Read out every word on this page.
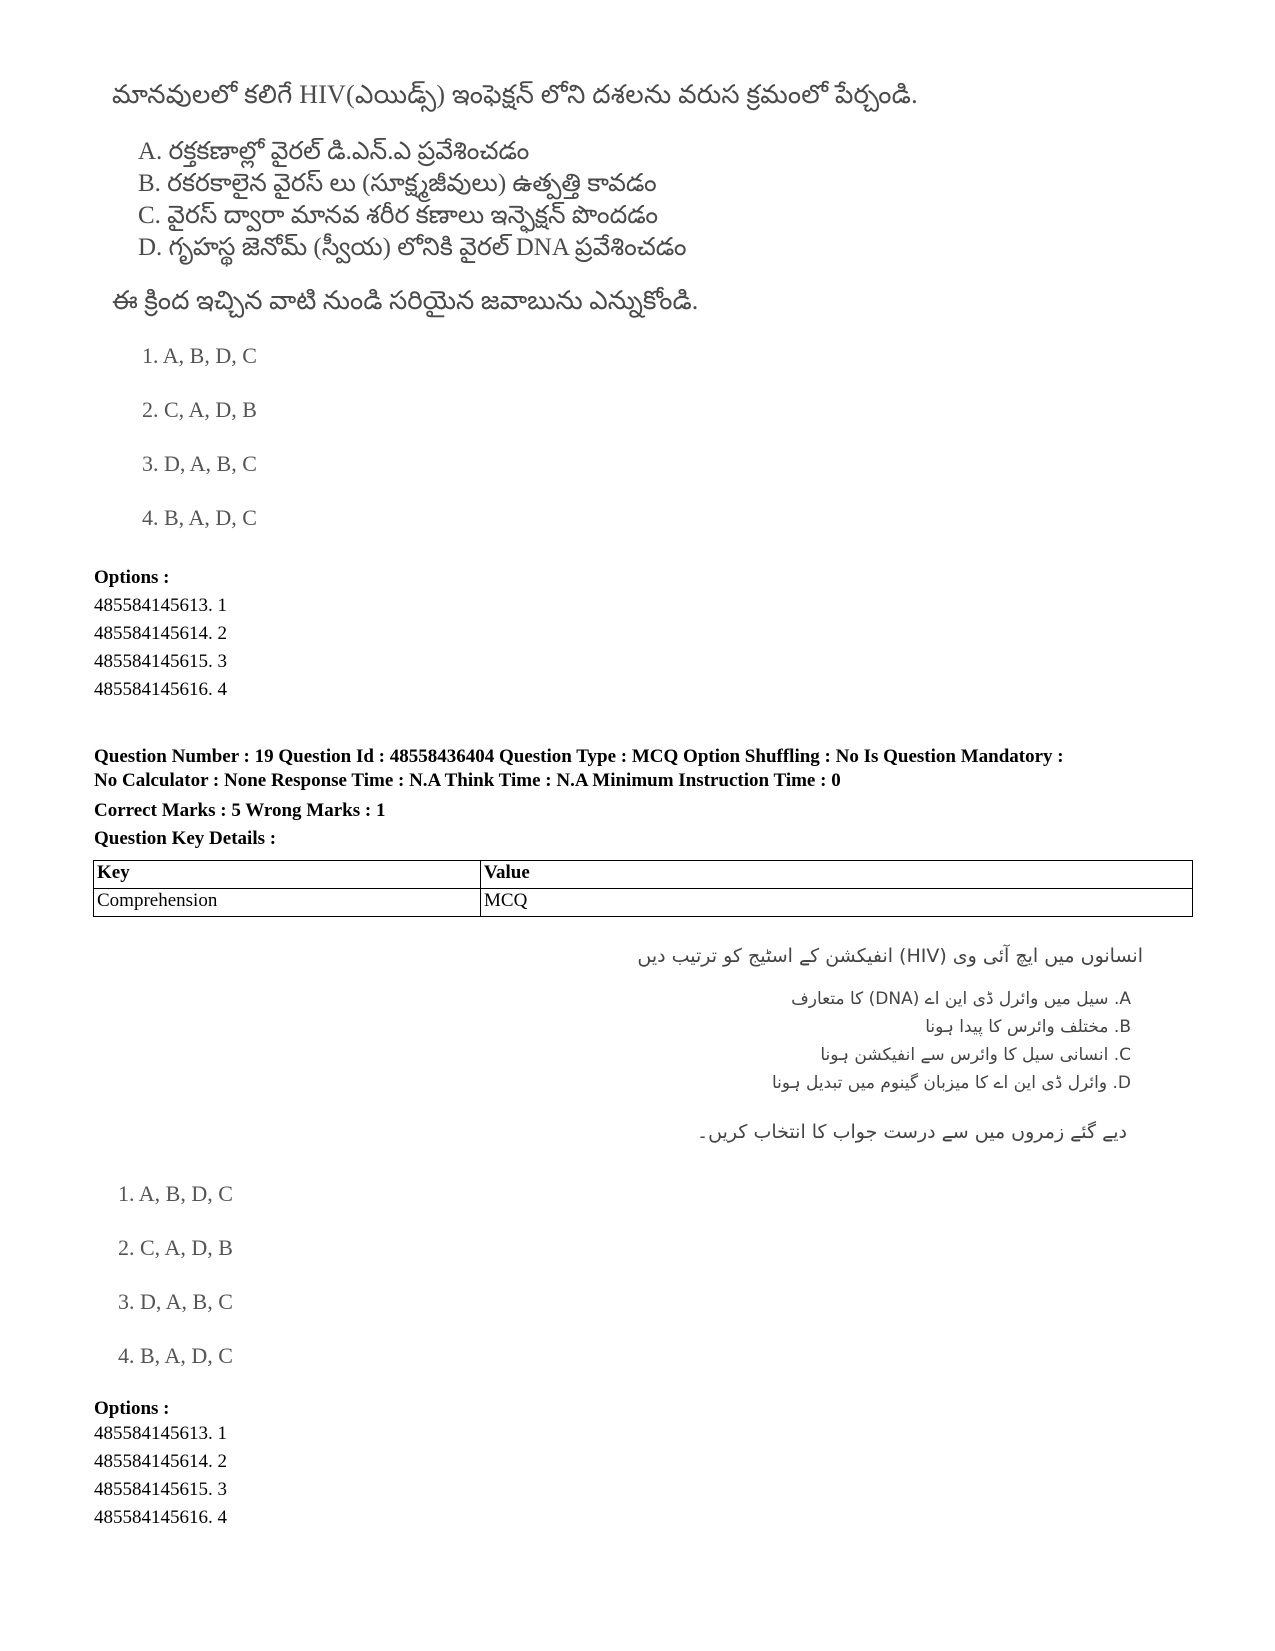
మానవులలో కలిగే HIV(ఎయిడ్స్) ఇంఫెక్షన్ లోని దశలను వరుస క్రమంలో పేర్చండి.

A. రక్తకణాల్లో వైరల్ డి.ఎన్.ఎ ప్రవేశించడం
B. రకరకాలైన వైరస్ లు (సూక్ష్మజీవులు) ఉత్పత్తి కావడం
C. వైరస్ ద్వారా మానవ శరీర కణాలు ఇన్ఫెక్షన్ పొందడం
D. గృహస్థ జెనోమ్ (స్వీయ) లోనికి వైరల్ DNA ప్రవేశించడం

ఈ క్రింద ఇచ్చిన వాటి నుండి సరియైన జవాబును ఎన్నుకోండి.

1. A, B, D, C
2. C, A, D, B
3. D, A, B, C
4. B, A, D, C

Options :

485584145613. 1
485584145614. 2
485584145615. 3
485584145616. 4

Question Number : 19 Question Id : 48558436404 Question Type : MCQ Option Shuffling : No Is Question Mandatory :

No Calculator : None Response Time : N.A Think Time : N.A Minimum Instruction Time : 0

Correct Marks : 5 Wrong Marks : 1

Question Key Details :

Key	Value
Comprehension	MCQ

انسانوں میں ایچ آئی وی (HIV) انفیکشن کے اسٹیج کو ترتیب دیں

A. سیل میں وائرل ڈی این اے (DNA) کا متعارف
B. مختلف وائرس کا پیدا ہونا
C. انسانی سیل کا وائرس سے انفیکشن ہونا
D. وائرل ڈی این اے کا میزبان گینوم میں تبدیل ہونا

دیے گئے زمروں میں سے درست جواب کا انتخاب کریں۔

1. A, B, D, C
2. C, A, D, B
3. D, A, B, C
4. B, A, D, C

Options :

485584145613. 1
485584145614. 2
485584145615. 3
485584145616. 4
